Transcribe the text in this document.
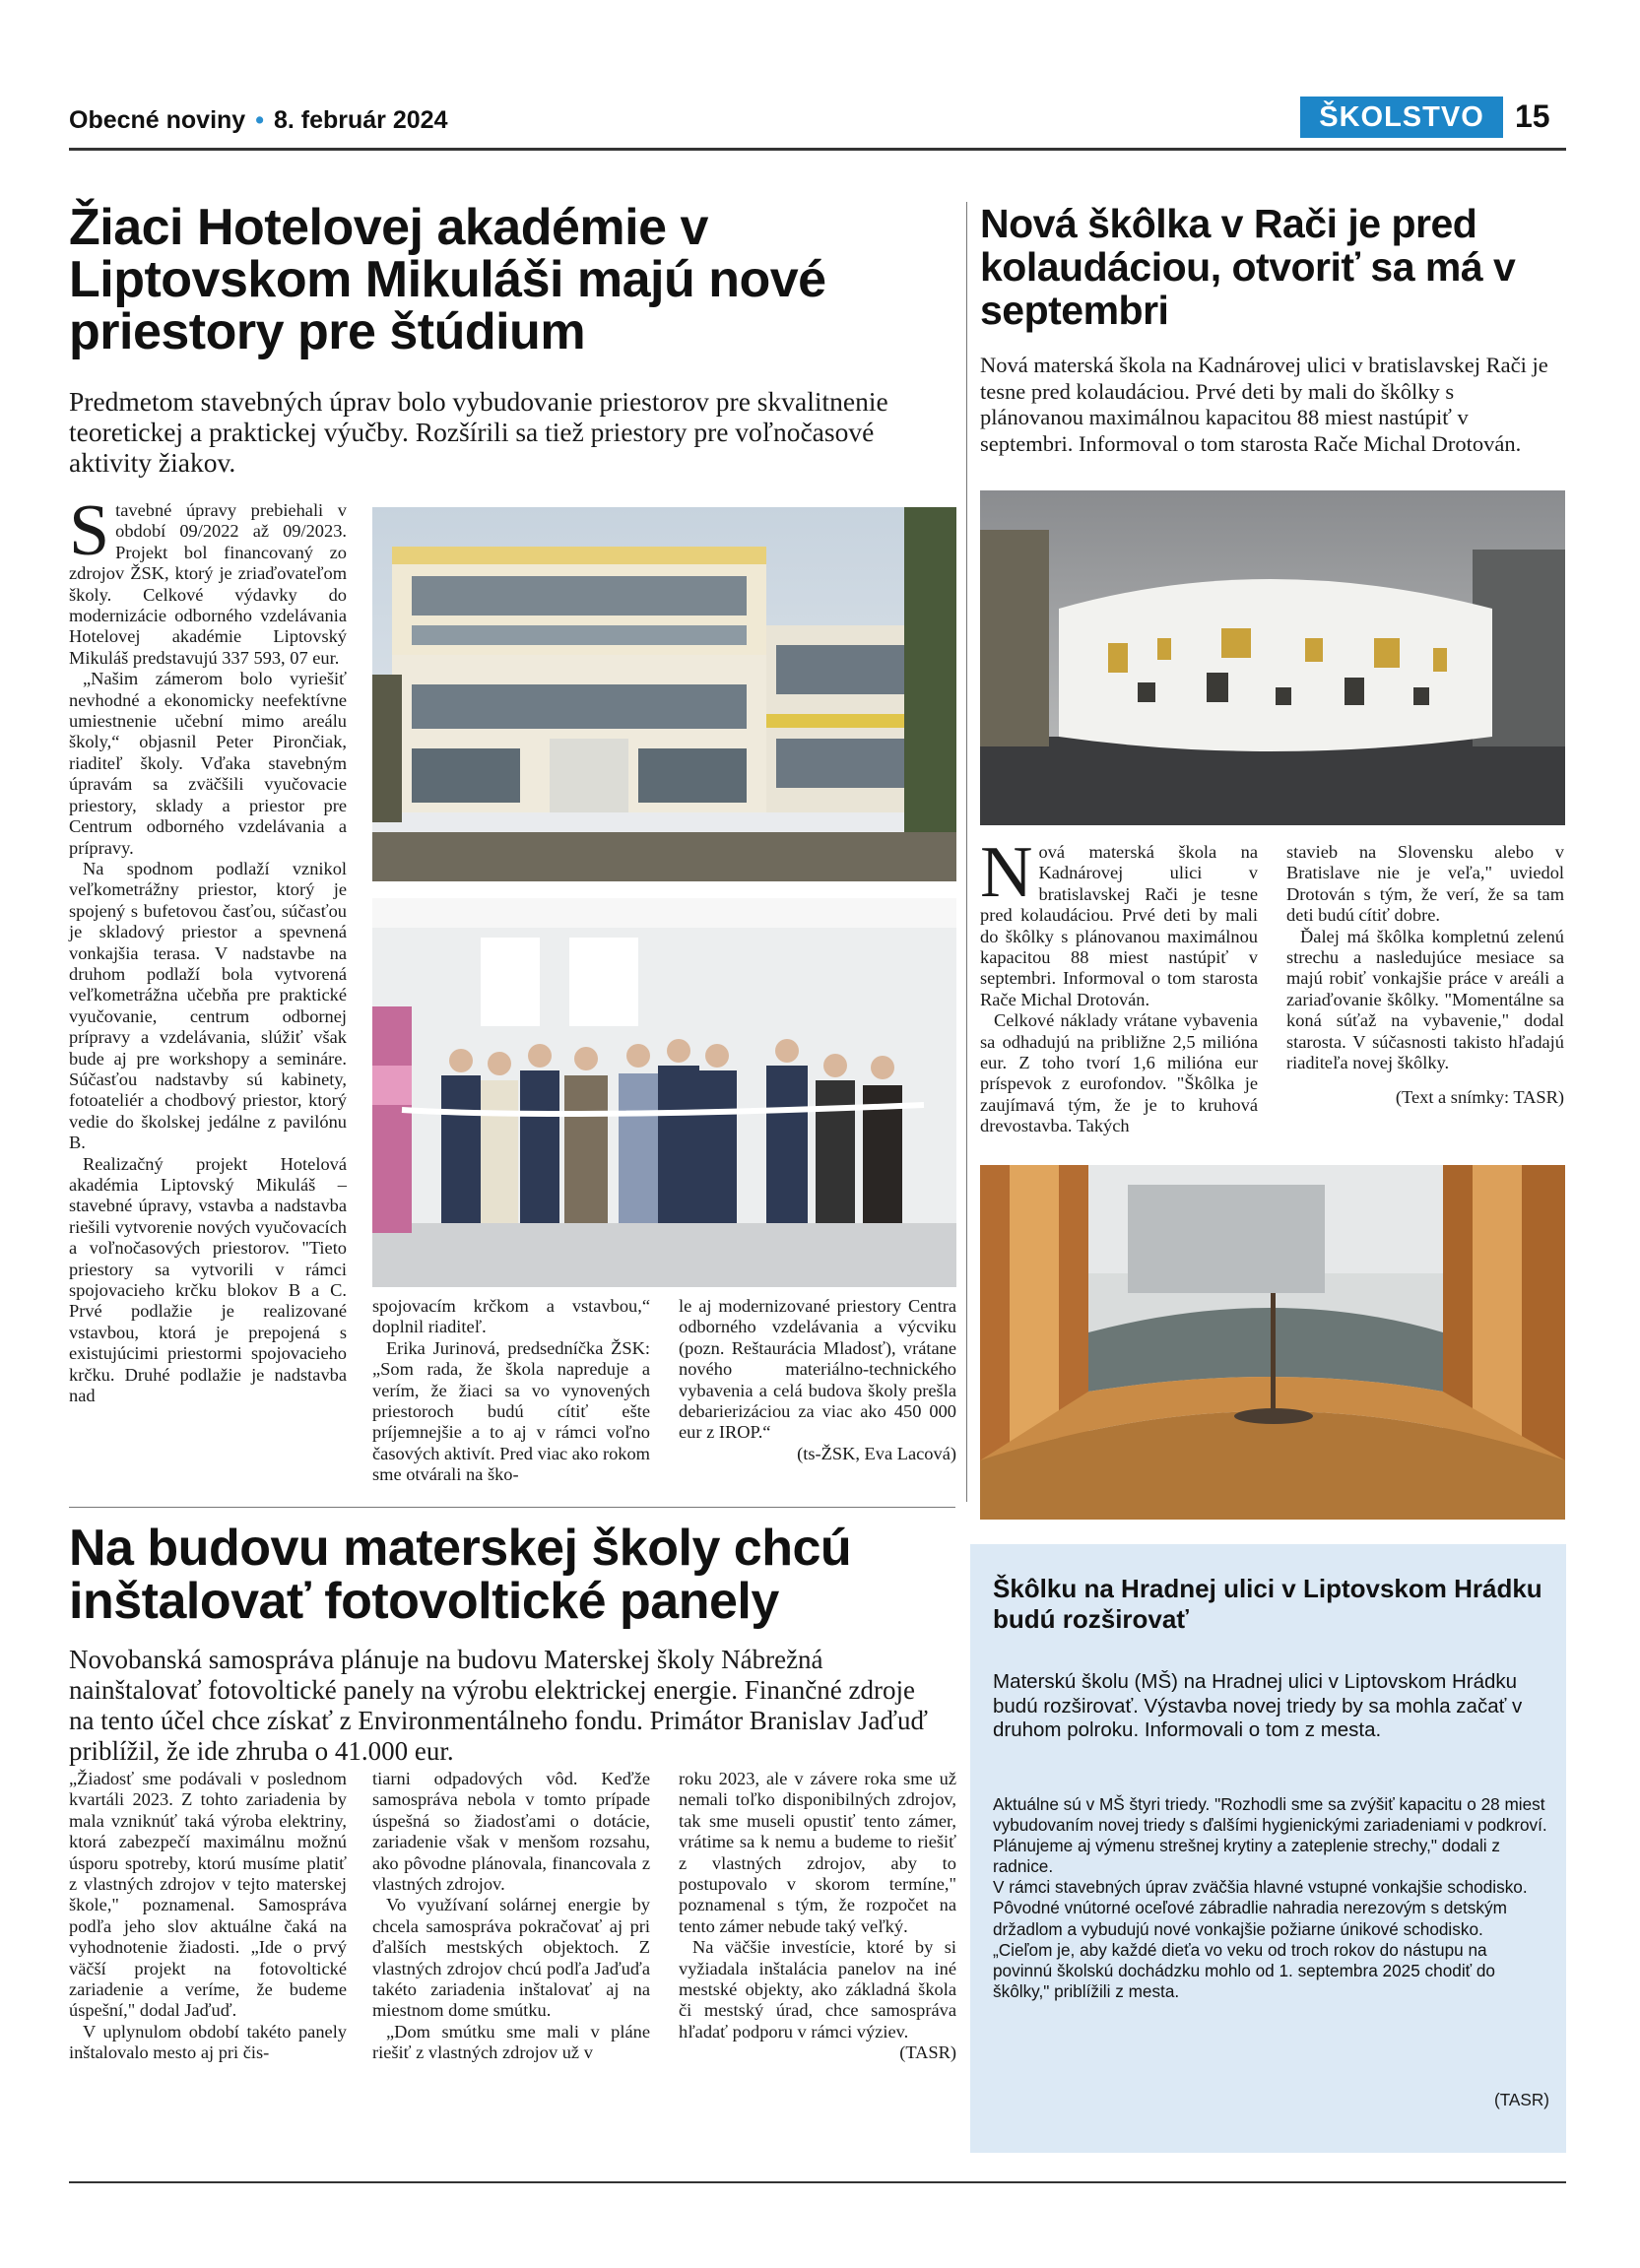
Obecné noviny • 8. február 2024	ŠKOLSTVO 15
Žiaci Hotelovej akadémie v Liptovskom Mikuláši majú nové priestory pre štúdium
Predmetom stavebných úprav bolo vybudovanie priestorov pre skvalitnenie teoretickej a praktickej výučby. Rozšírili sa tiež priestory pre voľnočasové aktivity žiakov.

Stavebné úpravy prebiehali v období 09/2022 až 09/2023. Projekt bol financovaný zo zdrojov ŽSK, ktorý je zriaďovateľom školy. Celkové výdavky do modernizácie odborného vzdelávania Hotelovej akadémie Liptovský Mikuláš predstavujú 337 593, 07 eur.

„Našim zámerom bolo vyriešiť nevhodné a ekonomicky neefektívne umiestnenie učební mimo areálu školy,“ objasnil Peter Pirončiak, riaditeľ školy. Vďaka stavebným úpravám sa zväčšili vyučovacie priestory, sklady a priestor pre Centrum odborného vzdelávania a prípravy.

Na spodnom podlaží vznikol veľkometrážny priestor, ktorý je spojený s bufetovou časťou, súčasťou je skladový priestor a spevnená vonkajšia terasa. V nadstavbe na druhom podlaží bola vytvorená veľkometrážna učebňa pre praktické vyučovanie, centrum odbornej prípravy a vzdelávania, slúžiť však bude aj pre workshopy a semináre. Súčasťou nadstavby sú kabinety, fotoateliér a chodbový priestor, ktorý vedie do školskej jedálne z pavilónu B.

Realizačný projekt Hotelová akadémia Liptovský Mikuláš – stavebné úpravy, vstavba a nadstavba riešili vytvorenie nových vyučovacích a voľnočasových priestorov. "Tieto priestory sa vytvorili v rámci spojovacieho krčku blokov B a C. Prvé podlažie je realizované vstavbou, ktorá je prepojená s existujúcimi priestormi spojovacieho krčku. Druhé podlažie je nadstavba nad

spojovacím krčkom a vstavbou,“ doplnil riaditeľ.

Erika Jurinová, predsedníčka ŽSK: „Som rada, že škola napreduje a verím, že žiaci sa vo vynovených priestoroch budú cítiť ešte príjemnejšie a to aj v rámci voľno časových aktivít. Pred viac ako rokom sme otvárali na ško-

le aj modernizované priestory Centra odborného vzdelávania a výcviku (pozn. Reštaurácia Mladosť), vrátane nového materiálno-technického vybavenia a celá budova školy prešla debarierizáciou za viac ako 450 000 eur z IROP.“

(ts-ŽSK, Eva Lacová)

Nová škôlka v Rači je pred kolaudáciou, otvoriť sa má v septembri
Nová materská škola na Kadnárovej ulici v bratislavskej Rači je tesne pred kolaudáciou. Prvé deti by mali do škôlky s plánovanou maximálnou kapacitou 88 miest nastúpiť v septembri. Informoval o tom starosta Rače Michal Drotován.

Nová materská škola na Kadnárovej ulici v bratislavskej Rači je tesne pred kolaudáciou. Prvé deti by mali do škôlky s plánovanou maximálnou kapacitou 88 miest nastúpiť v septembri. Informoval o tom starosta Rače Michal Drotován.

Celkové náklady vrátane vybavenia sa odhadujú na približne 2,5 milióna eur. Z toho tvorí 1,6 milióna eur príspevok z eurofondov. "Škôlka je zaujímavá tým, že je to kruhová drevostavba. Takých

stavieb na Slovensku alebo v Bratislave nie je veľa," uviedol Drotován s tým, že verí, že sa tam deti budú cítiť dobre.

Ďalej má škôlka kompletnú zelenú strechu a nasledujúce mesiace sa majú robiť vonkajšie práce v areáli a zariaďovanie škôlky. "Momentálne sa koná súťaž na vybavenie," dodal starosta. V súčasnosti takisto hľadajú riaditeľa novej škôlky.

(Text a snímky: TASR)

Na budovu materskej školy chcú inštalovať fotovoltické panely
Novobanská samospráva plánuje na budovu Materskej školy Nábrežná nainštalovať fotovoltické panely na výrobu elektrickej energie. Finančné zdroje na tento účel chce získať z Environmentálneho fondu. Primátor Branislav Jaďuď priblížil, že ide zhruba o 41.000 eur.

„Žiadosť sme podávali v poslednom kvartáli 2023. Z tohto zariadenia by mala vzniknúť taká výroba elektriny, ktorá zabezpečí maximálnu možnú úsporu spotreby, ktorú musíme platiť z vlastných zdrojov v tejto materskej škole," poznamenal. Samospráva podľa jeho slov aktuálne čaká na vyhodnotenie žiadosti. „Ide o prvý väčší projekt na fotovoltické zariadenie a veríme, že budeme úspešní," dodal Jaďuď.

V uplynulom období takéto panely inštalovalo mesto aj pri čis-

tiarni odpadových vôd. Keďže samospráva nebola v tomto prípade úspešná so žiadosťami o dotácie, zariadenie však v menšom rozsahu, ako pôvodne plánovala, financovala z vlastných zdrojov.

Vo využívaní solárnej energie by chcela samospráva pokračovať aj pri ďalších mestských objektoch. Z vlastných zdrojov chcú podľa Jaďuďa takéto zariadenia inštalovať aj na miestnom dome smútku.

„Dom smútku sme mali v pláne riešiť z vlastných zdrojov už v

roku 2023, ale v závere roka sme už nemali toľko disponibilných zdrojov, tak sme museli opustiť tento zámer, vrátime sa k nemu a budeme to riešiť z vlastných zdrojov, aby to postupovalo v skorom termíne," poznamenal s tým, že rozpočet na tento zámer nebude taký veľký.

Na väčšie investície, ktoré by si vyžiadala inštalácia panelov na iné mestské objekty, ako základná škola či mestský úrad, chce samospráva hľadať podporu v rámci výziev.

(TASR)

Škôlku na Hradnej ulici v Liptovskom Hrádku budú rozširovať
Materskú školu (MŠ) na Hradnej ulici v Liptovskom Hrádku budú rozširovať. Výstavba novej triedy by sa mohla začať v druhom polroku. Informovali o tom z mesta.

Aktuálne sú v MŠ štyri triedy. "Rozhodli sme sa zvýšiť kapacitu o 28 miest vybudovaním novej triedy s ďalšími hygienickými zariadeniami v podkroví. Plánujeme aj výmenu strešnej krytiny a zateplenie strechy," dodali z radnice.

V rámci stavebných úprav zväčšia hlavné vstupné vonkajšie schodisko. Pôvodné vnútorné oceľové zábradlie nahradia nerezovým s detským držadlom a vybudujú nové vonkajšie požiarne únikové schodisko.

„Cieľom je, aby každé dieťa vo veku od troch rokov do nástupu na povinnú školskú dochádzku mohlo od 1. septembra 2025 chodiť do škôlky," priblížili z mesta.

(TASR)
